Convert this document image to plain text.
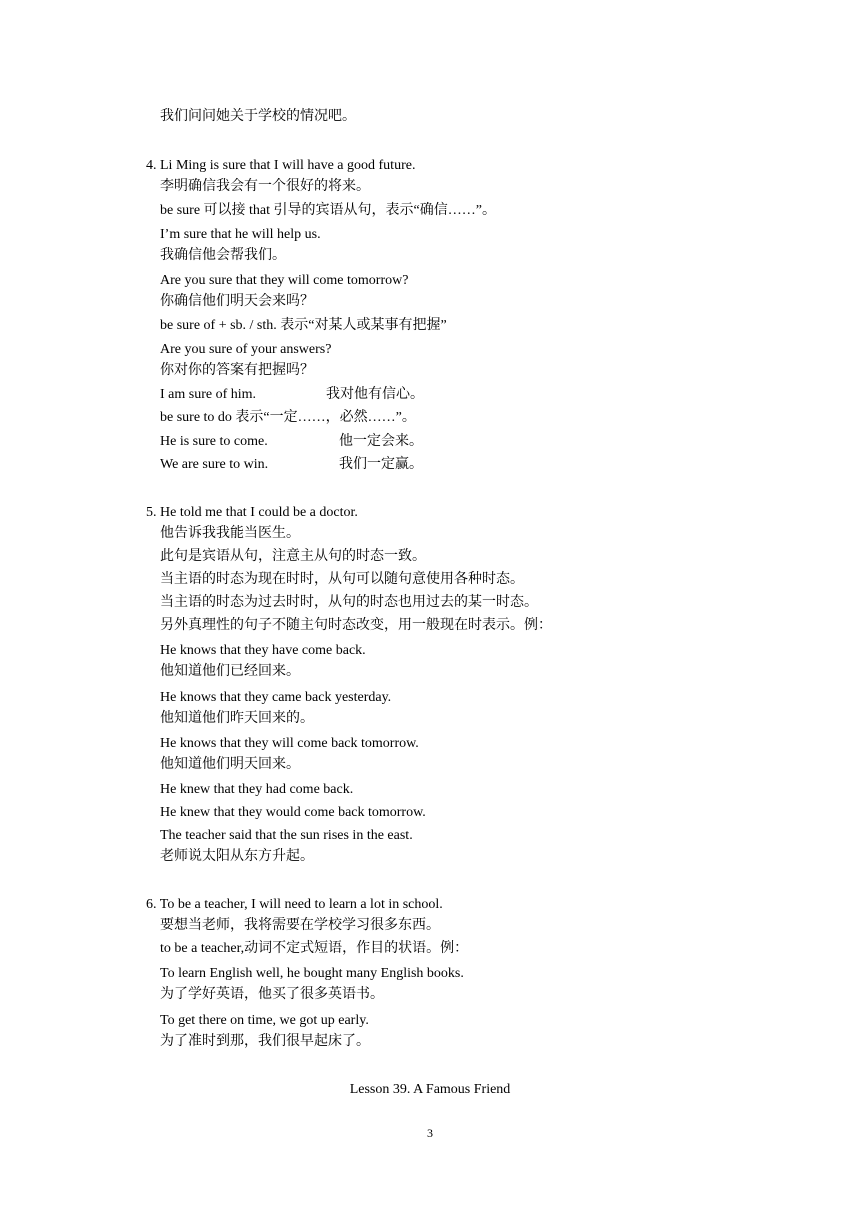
我们问问她关于学校的情况吧。
4. Li Ming is sure that I will have a good future.
李明确信我会有一个很好的将来。
be sure 可以接 that 引导的宾语从句，表示“确信……”。
I’m sure that he will help us.
我确信他会帮我们。
Are you sure that they will come tomorrow?
你确信他们明天会来吗？
be sure of + sb. / sth. 表示“对某人或某事有把握”
Are you sure of your answers?
你对你的答案有把握吗？
I am sure of him.	我对他有信心。
be sure to do 表示“一定……，必然……”。
He is sure to come.	他一定会来。
We are sure to win.	我们一定赢。
5. He told me that I could be a doctor.
他告诉我我能当医生。
此句是宾语从句，注意主从句的时态一致。
当主语的时态为现在时时，从句可以随句意使用各种时态。
当主语的时态为过去时时，从句的时态也用过去的某一时态。
另外真理性的句子不随主句时态改变，用一般现在时表示。例：
He knows that they have come back.
他知道他们已经回来。
He knows that they came back yesterday.
他知道他们昨天回来的。
He knows that they will come back tomorrow.
他知道他们明天回来。
He knew that they had come back.
He knew that they would come back tomorrow.
The teacher said that the sun rises in the east.
老师说太阳从东方升起。
6. To be a teacher, I will need to learn a lot in school.
要想当老师，我将需要在学校学习很多东西。
to be a teacher,动词不定式短语，作目的状语。例：
To learn English well, he bought many English books.
为了学好英语，他买了很多英语书。
To get there on time, we got up early.
为了准时到那，我们很早起床了。
Lesson 39. A Famous Friend
3
